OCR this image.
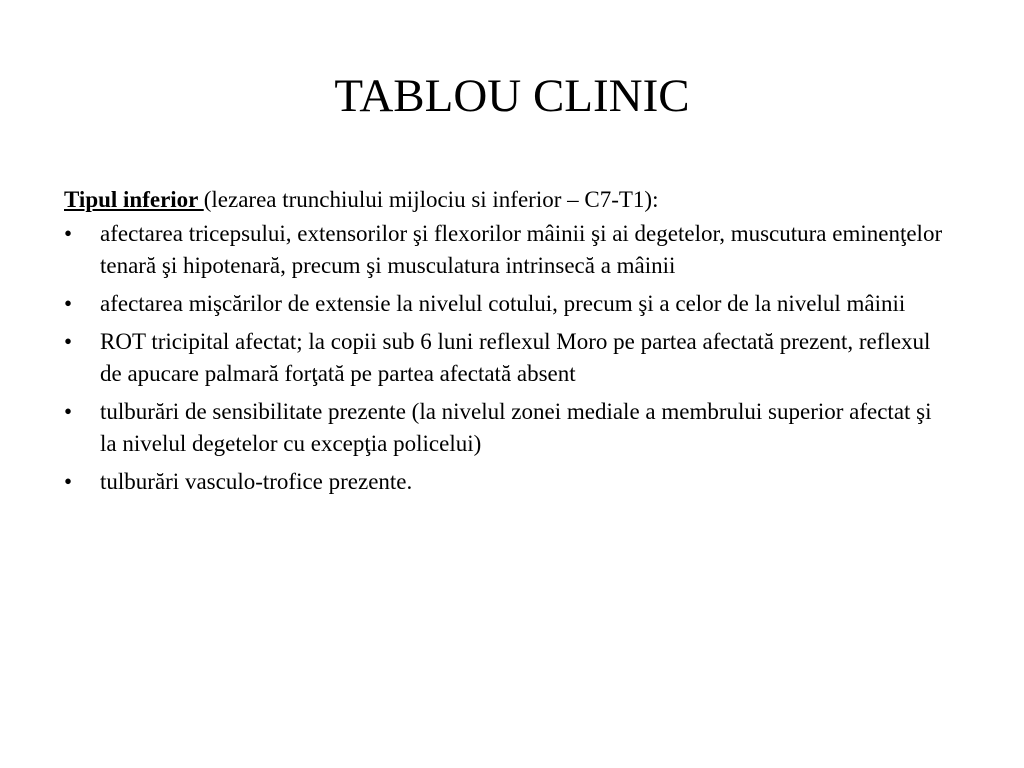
TABLOU CLINIC

Tipul inferior (lezarea trunchiului mijlociu si inferior – C7-T1):

•	afectarea tricepsului, extensorilor şi flexorilor mâinii şi ai degetelor, muscutura eminenţelor tenară şi hipotenară, precum şi musculatura intrinsecă a mâinii
•	afectarea mişcărilor de extensie la nivelul cotului, precum şi a celor de la nivelul mâinii
•	ROT tricipital afectat; la copii sub 6 luni reflexul Moro pe partea afectată prezent, reflexul de apucare palmară forţată pe partea afectată absent
•	tulburări de sensibilitate prezente (la nivelul zonei mediale a membrului superior afectat şi la nivelul degetelor cu excepţia policelui)
•	tulburări vasculo-trofice prezente.
